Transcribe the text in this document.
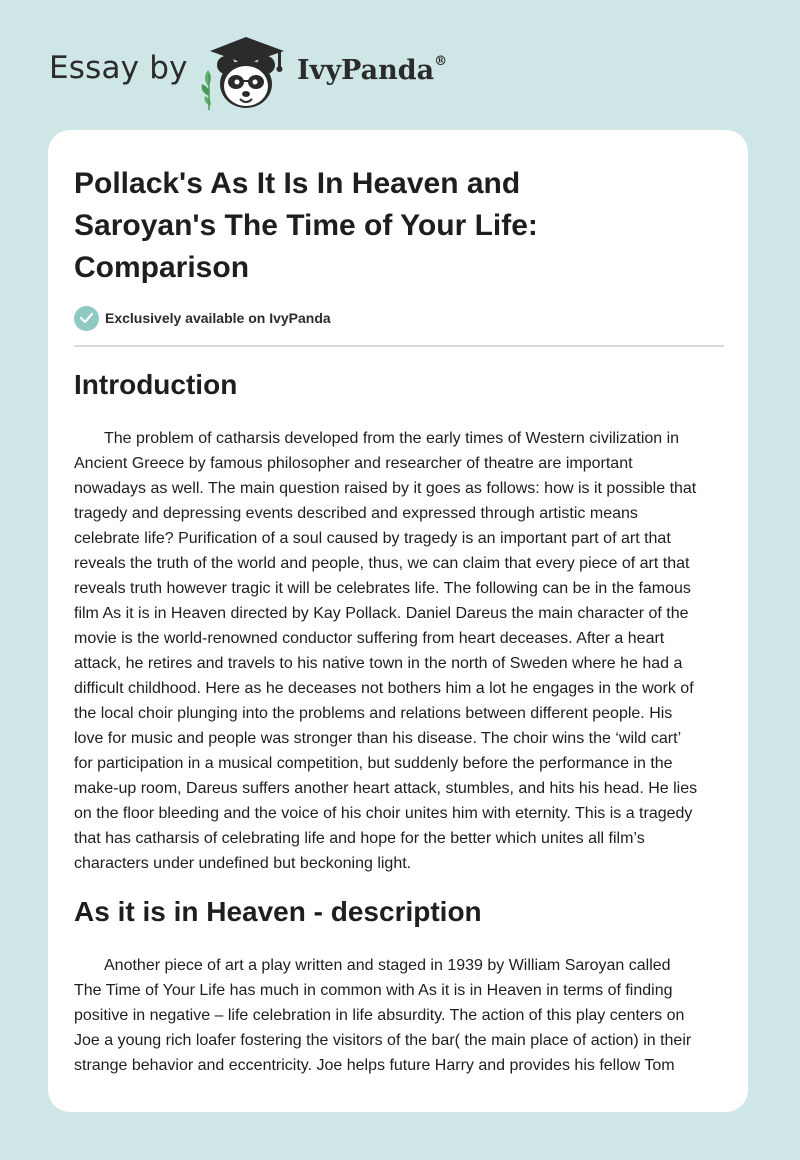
Essay by	IvyPanda®
Pollack's As It Is In Heaven and
Saroyan's The Time of Your Life:
Comparison
Exclusively available on IvyPanda
Introduction

The problem of catharsis developed from the early times of Western civilization in
Ancient Greece by famous philosopher and researcher of theatre are important
nowadays as well. The main question raised by it goes as follows: how is it possible that
tragedy and depressing events described and expressed through artistic means
celebrate life? Purification of a soul caused by tragedy is an important part of art that
reveals the truth of the world and people, thus, we can claim that every piece of art that
reveals truth however tragic it will be celebrates life. The following can be in the famous
film As it is in Heaven directed by Kay Pollack. Daniel Dareus the main character of the
movie is the world-renowned conductor suffering from heart deceases. After a heart
attack, he retires and travels to his native town in the north of Sweden where he had a
difficult childhood. Here as he deceases not bothers him a lot he engages in the work of
the local choir plunging into the problems and relations between different people. His
love for music and people was stronger than his disease. The choir wins the ‘wild cart’
for participation in a musical competition, but suddenly before the performance in the
make-up room, Dareus suffers another heart attack, stumbles, and hits his head. He lies
on the floor bleeding and the voice of his choir unites him with eternity. This is a tragedy
that has catharsis of celebrating life and hope for the better which unites all film’s
characters under undefined but beckoning light.

As it is in Heaven - description

Another piece of art a play written and staged in 1939 by William Saroyan called
The Time of Your Life has much in common with As it is in Heaven in terms of finding
positive in negative – life celebration in life absurdity. The action of this play centers on
Joe a young rich loafer fostering the visitors of the bar( the main place of action) in their
strange behavior and eccentricity. Joe helps future Harry and provides his fellow Tom
